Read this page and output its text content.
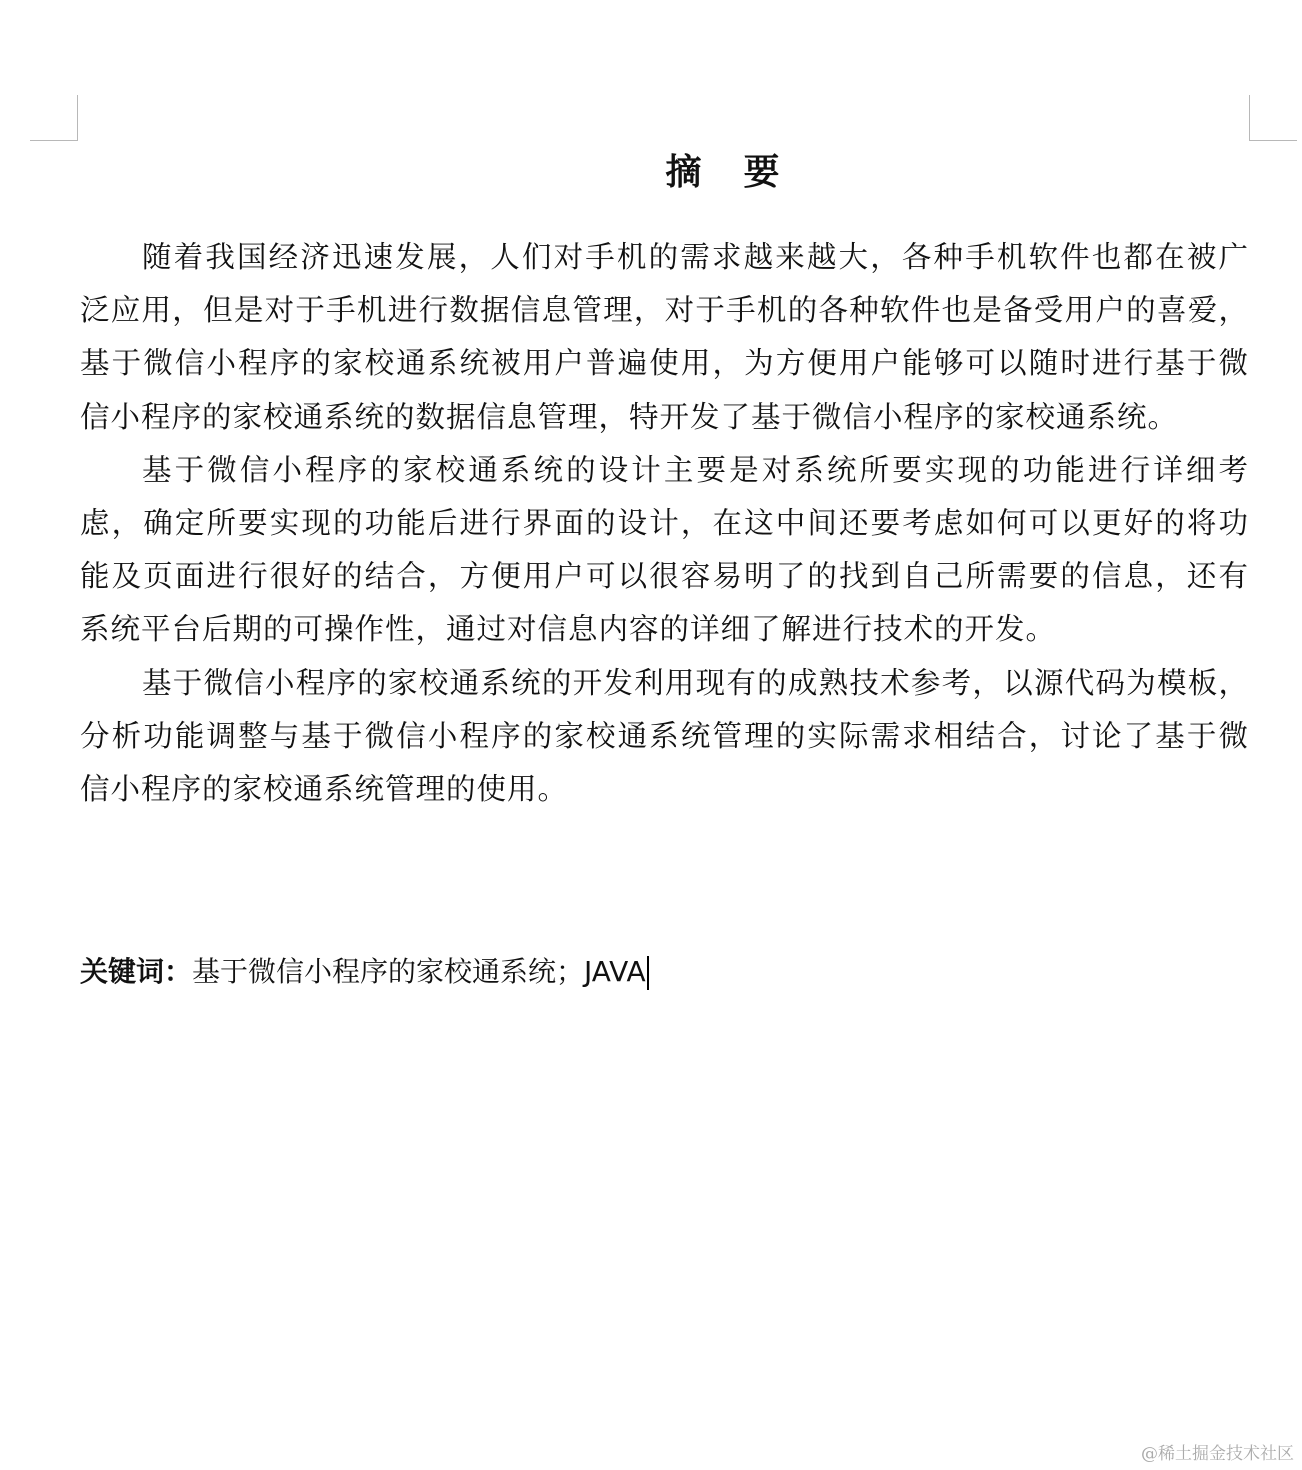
摘 要
随着我国经济迅速发展，人们对手机的需求越来越大，各种手机软件也都在被广
泛应用，但是对于手机进行数据信息管理，对于手机的各种软件也是备受用户的喜爱，
基于微信小程序的家校通系统被用户普遍使用，为方便用户能够可以随时进行基于微
信小程序的家校通系统的数据信息管理，特开发了基于微信小程序的家校通系统。
基于微信小程序的家校通系统的设计主要是对系统所要实现的功能进行详细考
虑，确定所要实现的功能后进行界面的设计，在这中间还要考虑如何可以更好的将功
能及页面进行很好的结合，方便用户可以很容易明了的找到自己所需要的信息，还有
系统平台后期的可操作性，通过对信息内容的详细了解进行技术的开发。
基于微信小程序的家校通系统的开发利用现有的成熟技术参考，以源代码为模板，
分析功能调整与基于微信小程序的家校通系统管理的实际需求相结合，讨论了基于微
信小程序的家校通系统管理的使用。
关键词：基于微信小程序的家校通系统；JAVA
@稀土掘金技术社区
